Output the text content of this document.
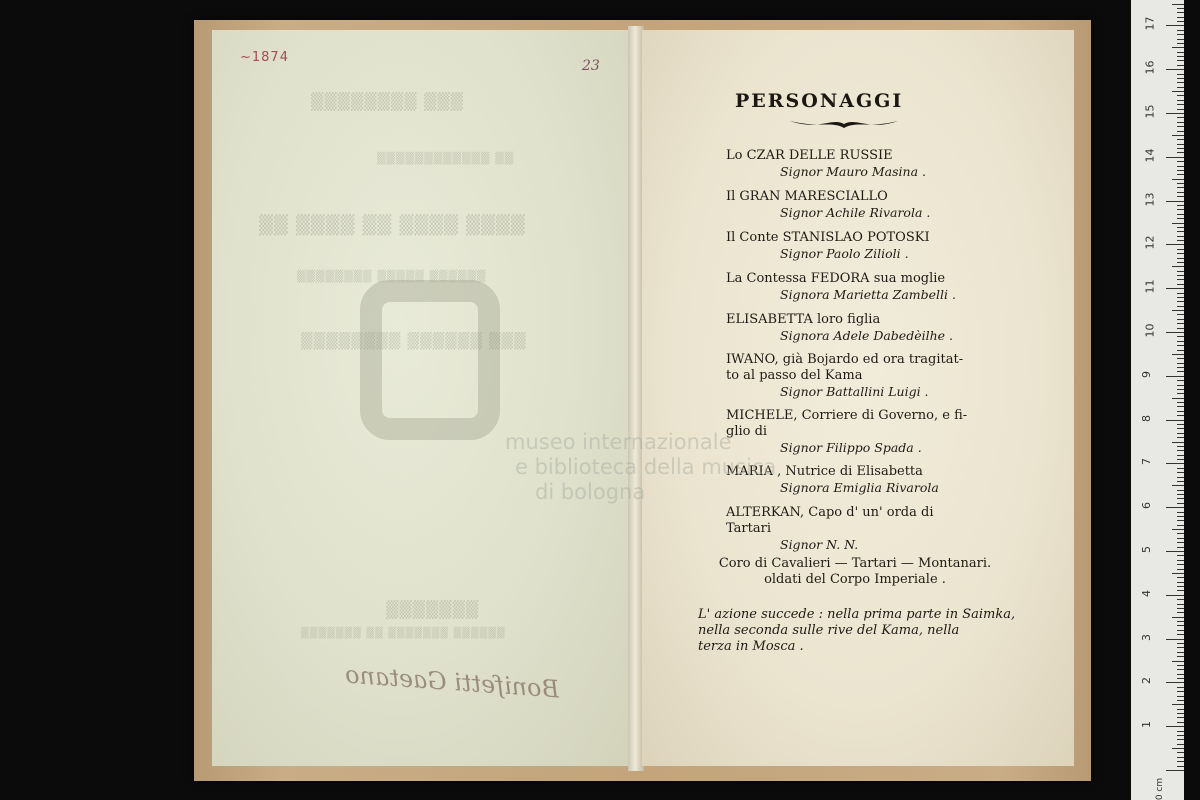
▒▒▒ ▒▒▒▒▒▒▒▒
▒▒ ▒▒▒▒▒▒▒▒▒▒▒▒
▒▒▒▒ ▒▒▒▒ ▒▒ ▒▒▒▒ ▒▒
▒▒▒▒▒▒ ▒▒▒▒▒ ▒▒▒▒▒▒▒▒
▒▒▒ ▒▒▒▒▒▒ ▒▒▒▒▒▒▒▒
▒▒▒▒▒▒▒
▒▒▒▒▒▒ ▒▒▒▒▒▒▒ ▒▒ ▒▒▒▒▒▒▒
~1874
23
Bonifetti Gaetano
PERSONAGGI
Lo CZAR DELLE RUSSIE
Signor Mauro Masina .
Il GRAN MARESCIALLO
Signor Achile Rivarola .
Il Conte STANISLAO POTOSKI
Signor Paolo Zilioli .
La Contessa FEDORA sua moglie
Signora Marietta Zambelli .
ELISABETTA loro figlia
Signora Adele Dabedèilhe .
IWANO, già Bojardo ed ora tragitat-
to al passo del Kama
Signor Battallini Luigi .
MICHELE, Corriere di Governo, e fi-
glio di
Signor Filippo Spada .
MARIA , Nutrice di Elisabetta
Signora Emiglia Rivarola
ALTERKAN, Capo d' un' orda di
Tartari
Signor N. N.
Coro di Cavalieri — Tartari — Montanari.
oldati del Corpo Imperiale .
L' azione succede : nella prima parte in Saimka,
nella seconda sulle rive del Kama, nella
terza in Mosca .
museo internazionale
e biblioteca della musica
di bologna
0 cm
1
2
3
4
5
6
7
8
9
10
11
12
13
14
15
16
17
